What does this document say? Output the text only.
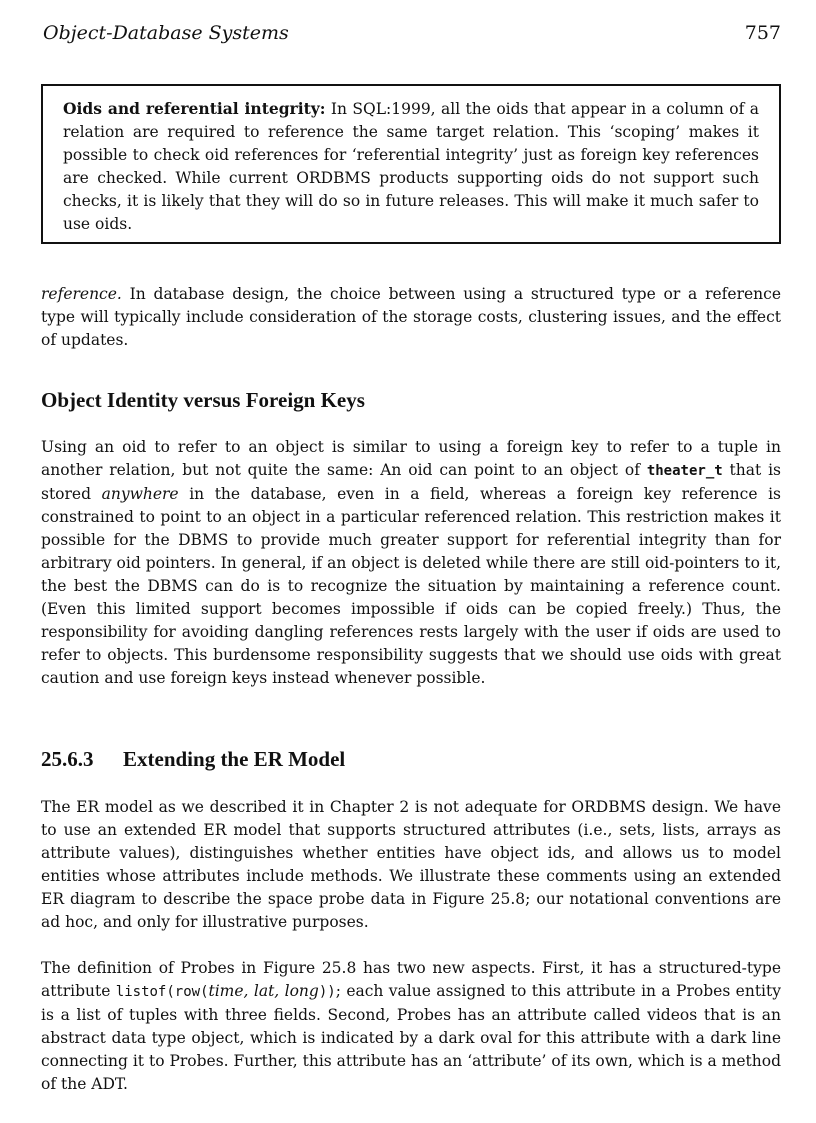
Object-Database Systems	757
Oids and referential integrity: In SQL:1999, all the oids that appear in a column of a relation are required to reference the same target relation. This ‘scoping’ makes it possible to check oid references for ‘referential integrity’ just as foreign key references are checked. While current ORDBMS products supporting oids do not support such checks, it is likely that they will do so in future releases. This will make it much safer to use oids.

reference. In database design, the choice between using a structured type or a reference type will typically include consideration of the storage costs, clustering issues, and the effect of updates.

Object Identity versus Foreign Keys

Using an oid to refer to an object is similar to using a foreign key to refer to a tuple in another relation, but not quite the same: An oid can point to an object of theater_t that is stored anywhere in the database, even in a field, whereas a foreign key reference is constrained to point to an object in a particular referenced relation. This restriction makes it possible for the DBMS to provide much greater support for referential integrity than for arbitrary oid pointers. In general, if an object is deleted while there are still oid-pointers to it, the best the DBMS can do is to recognize the situation by maintaining a reference count. (Even this limited support becomes impossible if oids can be copied freely.) Thus, the responsibility for avoiding dangling references rests largely with the user if oids are used to refer to objects. This burdensome responsibility suggests that we should use oids with great caution and use foreign keys instead whenever possible.

25.6.3 Extending the ER Model

The ER model as we described it in Chapter 2 is not adequate for ORDBMS design. We have to use an extended ER model that supports structured attributes (i.e., sets, lists, arrays as attribute values), distinguishes whether entities have object ids, and allows us to model entities whose attributes include methods. We illustrate these comments using an extended ER diagram to describe the space probe data in Figure 25.8; our notational conventions are ad hoc, and only for illustrative purposes.

The definition of Probes in Figure 25.8 has two new aspects. First, it has a structured-type attribute listof(row(time, lat, long)); each value assigned to this attribute in a Probes entity is a list of tuples with three fields. Second, Probes has an attribute called videos that is an abstract data type object, which is indicated by a dark oval for this attribute with a dark line connecting it to Probes. Further, this attribute has an ‘attribute’ of its own, which is a method of the ADT.
